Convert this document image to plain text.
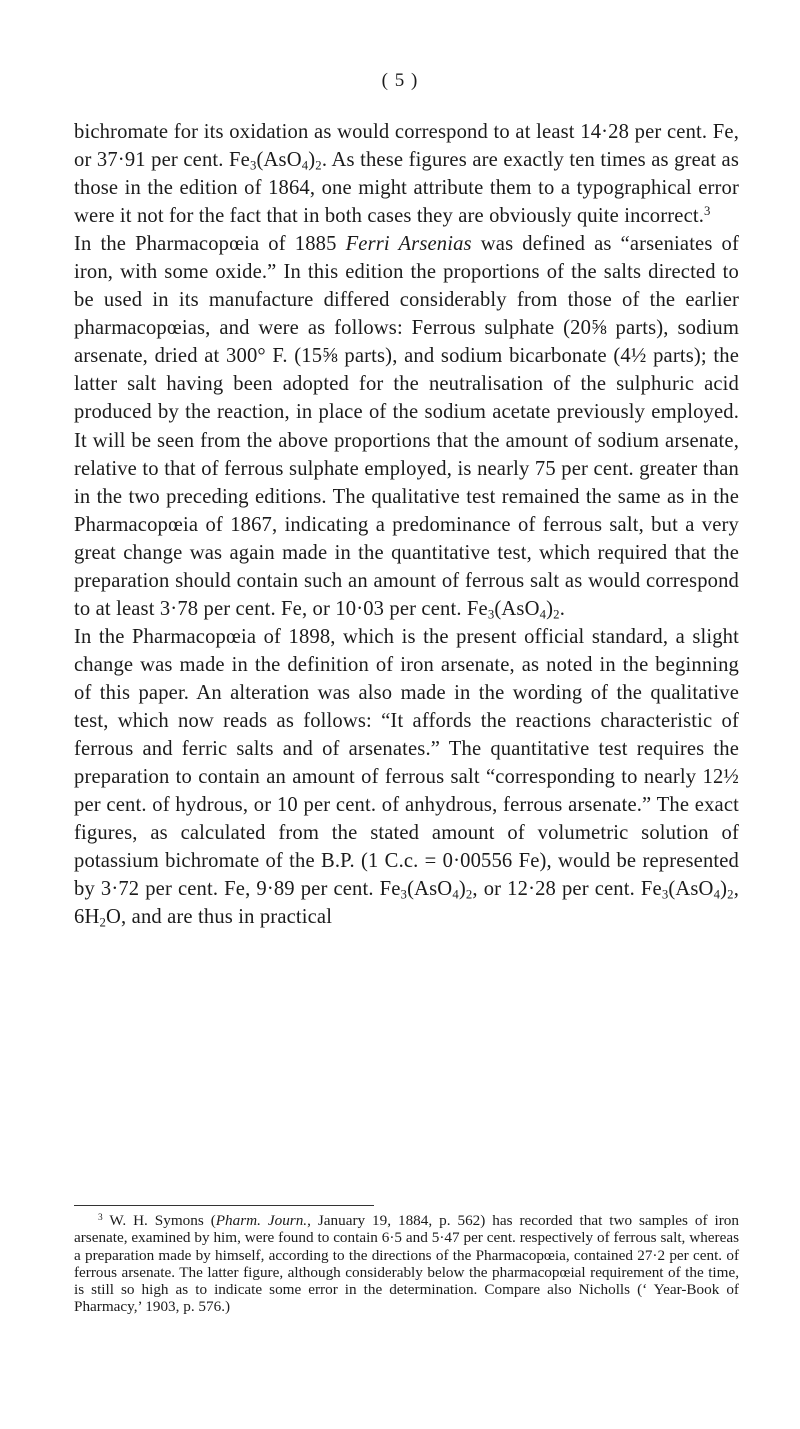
( 5 )

bichromate for its oxidation as would correspond to at least 14·28 per cent. Fe, or 37·91 per cent. $Fe_3(AsO_4)_2$. As these figures are exactly ten times as great as those in the edition of 1864, one might attribute them to a typographical error were it not for the fact that in both cases they are obviously quite incorrect.$^3$

In the Pharmacopœia of 1885 Ferri Arsenias was defined as “arseniates of iron, with some oxide.” In this edition the proportions of the salts directed to be used in its manufacture differed considerably from those of the earlier pharmacopœias, and were as follows: Ferrous sulphate (20⅝ parts), sodium arsenate, dried at 300° F. (15⅝ parts), and sodium bicarbonate (4½ parts); the latter salt having been adopted for the neutralisation of the sulphuric acid produced by the reaction, in place of the sodium acetate previously employed. It will be seen from the above proportions that the amount of sodium arsenate, relative to that of ferrous sulphate employed, is nearly 75 per cent. greater than in the two preceding editions. The qualitative test remained the same as in the Pharmacopœia of 1867, indicating a predominance of ferrous salt, but a very great change was again made in the quantitative test, which required that the preparation should contain such an amount of ferrous salt as would correspond to at least 3·78 per cent. Fe, or 10·03 per cent. $Fe_3(AsO_4)_2$.

In the Pharmacopœia of 1898, which is the present official standard, a slight change was made in the definition of iron arsenate, as noted in the beginning of this paper. An alteration was also made in the wording of the qualitative test, which now reads as follows: “It affords the reactions characteristic of ferrous and ferric salts and of arsenates.” The quantitative test requires the preparation to contain an amount of ferrous salt “corresponding to nearly 12½ per cent. of hydrous, or 10 per cent. of anhydrous, ferrous arsenate.” The exact figures, as calculated from the stated amount of volumetric solution of potassium bichromate of the B.P. (1 C.c. = 0·00556 Fe), would be represented by 3·72 per cent. Fe, 9·89 per cent. $Fe_3(AsO_4)_2$, or 12·28 per cent. $Fe_3(AsO_4)_2$, $6H_2O$, and are thus in practical

$^3$ W. H. Symons (Pharm. Journ., January 19, 1884, p. 562) has recorded that two samples of iron arsenate, examined by him, were found to contain 6·5 and 5·47 per cent. respectively of ferrous salt, whereas a preparation made by himself, according to the directions of the Pharmacopœia, contained 27·2 per cent. of ferrous arsenate. The latter figure, although considerably below the pharmacopœial requirement of the time, is still so high as to indicate some error in the determination. Compare also Nicholls (‘ Year-Book of Pharmacy,’ 1903, p. 576.)
